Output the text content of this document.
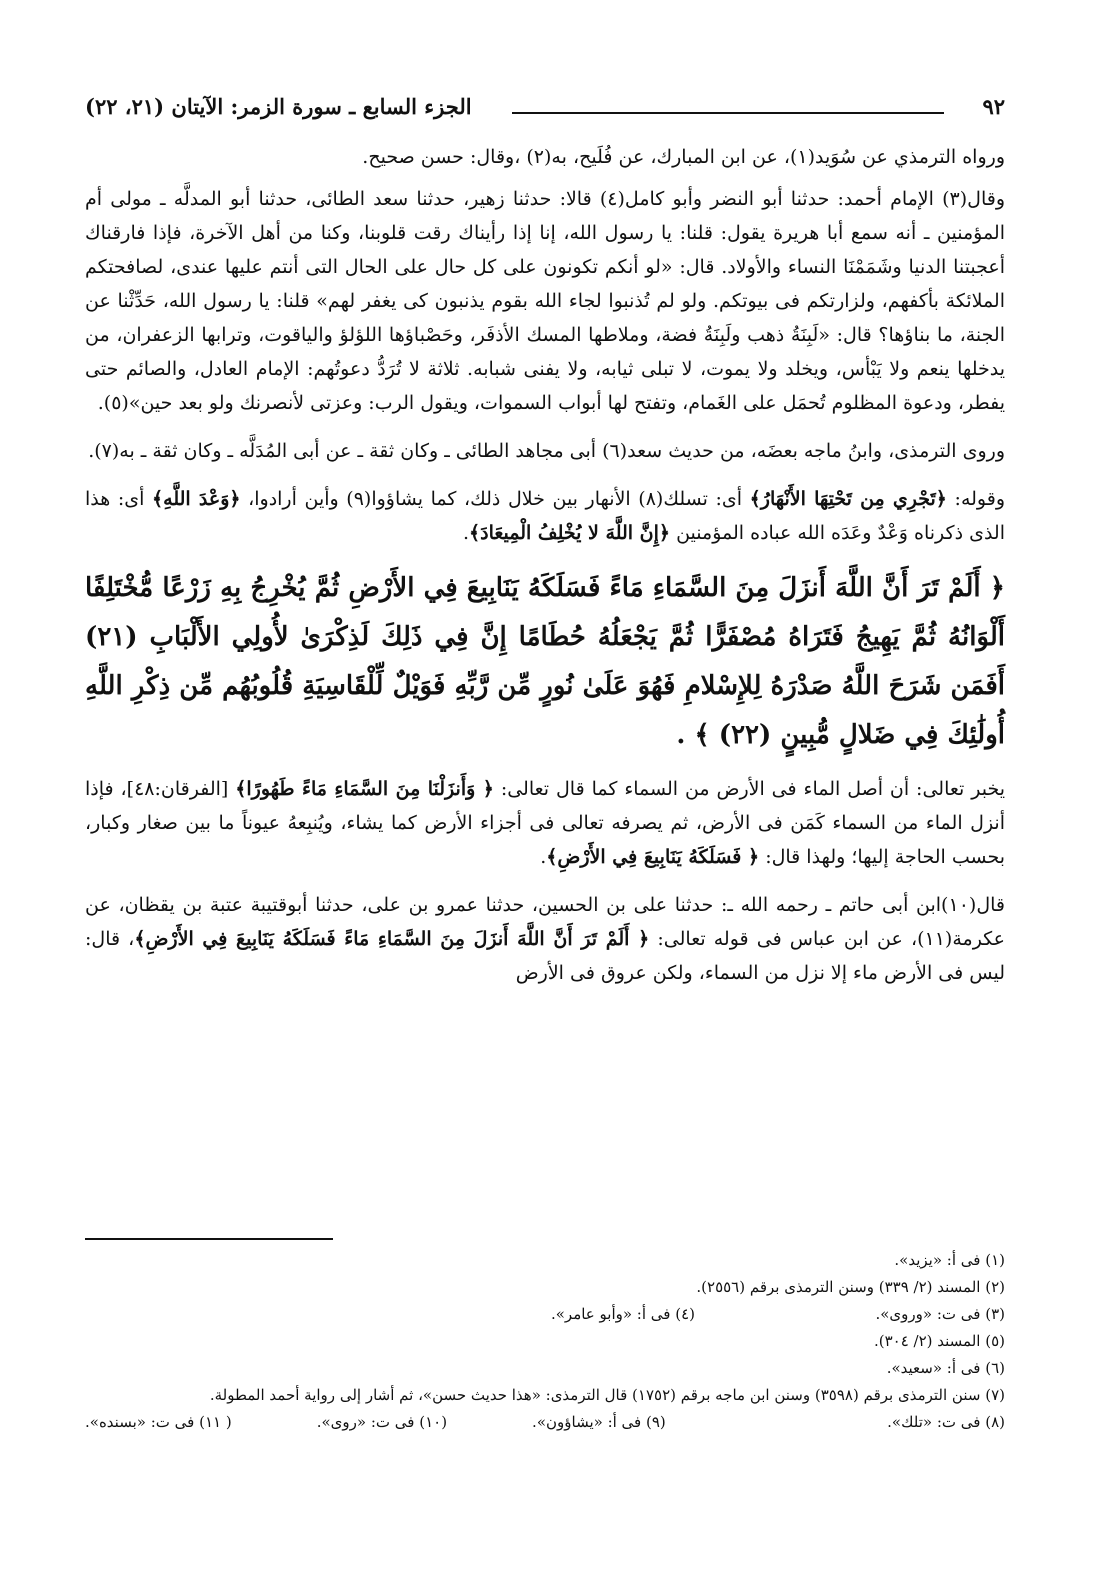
الجزء السابع ـ سورة الزمر: الآيتان (٢١، ٢٢)	٩٢

ورواه الترمذي عن سُوَيد(١)، عن ابن المبارك، عن فُلَيح، به(٢) ،وقال: حسن صحيح.

وقال(٣) الإمام أحمد: حدثنا أبو النضر وأبو كامل(٤) قالا: حدثنا زهير، حدثنا سعد الطائى، حدثنا أبو المدلَّه ـ مولى أم المؤمنين ـ أنه سمع أبا هريرة يقول: قلنا: يا رسول الله، إنا إذا رأيناك رقت قلوبنا، وكنا من أهل الآخرة، فإذا فارقناك أعجبتنا الدنيا وشَمَمْنَا النساء والأولاد. قال: «لو أنكم تكونون على كل حال على الحال التى أنتم عليها عندى، لصافحتكم الملائكة بأكفهم، ولزارتكم فى بيوتكم. ولو لم تُذنبوا لجاء الله بقوم يذنبون كى يغفر لهم» قلنا: يا رسول الله، حَدِّثْنا عن الجنة، ما بناؤها؟ قال: «لَبِنَةُ ذهب ولَبِنَةُ فضة، وملاطها المسك الأذفَر، وحَصْباؤها اللؤلؤ والياقوت، وترابها الزعفران، من يدخلها ينعم ولا يَبْأس، ويخلد ولا يموت، لا تبلى ثيابه، ولا يفنى شبابه. ثلاثة لا تُرَدُّ دعوتُهم: الإمام العادل، والصائم حتى يفطر، ودعوة المظلوم تُحمَل على الغَمام، وتفتح لها أبواب السموات، ويقول الرب: وعزتى لأنصرنك ولو بعد حين»(٥).

وروى الترمذى، وابنُ ماجه بعضَه، من حديث سعد(٦) أبى مجاهد الطائى ـ وكان ثقة ـ عن أبى المُدَلَّه ـ وكان ثقة ـ به(٧).

وقوله: ﴿تَجْرِي مِن تَحْتِهَا الأَنْهَارُ﴾ أى: تسلك(٨) الأنهار بين خلال ذلك، كما يشاؤوا(٩) وأين أرادوا، ﴿وَعْدَ اللَّهِ﴾ أى: هذا الذى ذكرناه وَعْدٌ وعَدَه الله عباده المؤمنين ﴿إِنَّ اللَّهَ لا يُخْلِفُ الْمِيعَادَ﴾.

﴿ أَلَمْ تَرَ أَنَّ اللَّهَ أَنزَلَ مِنَ السَّمَاءِ مَاءً فَسَلَكَهُ يَنَابِيعَ فِي الأَرْضِ ثُمَّ يُخْرِجُ بِهِ زَرْعًا مُّخْتَلِفًا أَلْوَانُهُ ثُمَّ يَهِيجُ فَتَرَاهُ مُصْفَرًّا ثُمَّ يَجْعَلُهُ حُطَامًا إِنَّ فِي ذَلِكَ لَذِكْرَىٰ لأُولِي الأَلْبَابِ (٢١) أَفَمَن شَرَحَ اللَّهُ صَدْرَهُ لِلإِسْلامِ فَهُوَ عَلَىٰ نُورٍ مِّن رَّبِّهِ فَوَيْلٌ لِّلْقَاسِيَةِ قُلُوبُهُم مِّن ذِكْرِ اللَّهِ أُولَٰئِكَ فِي ضَلالٍ مُّبِينٍ (٢٢) ﴾ .

يخبر تعالى: أن أصل الماء فى الأرض من السماء كما قال تعالى: ﴿ وَأَنزَلْنَا مِنَ السَّمَاءِ مَاءً طَهُورًا﴾ [الفرقان:٤٨]، فإذا أنزل الماء من السماء كَمَن فى الأرض، ثم يصرفه تعالى فى أجزاء الأرض كما يشاء، ويُنبِعهُ عيوناً ما بين صغار وكبار، بحسب الحاجة إليها؛ ولهذا قال: ﴿ فَسَلَكَهُ يَنَابِيعَ فِي الأَرْضِ﴾.

قال(١٠)ابن أبى حاتم ـ رحمه الله ـ: حدثنا على بن الحسين، حدثنا عمرو بن على، حدثنا أبوقتيبة عتبة بن يقظان، عن عكرمة(١١)، عن ابن عباس فى قوله تعالى: ﴿ أَلَمْ تَرَ أَنَّ اللَّهَ أَنزَلَ مِنَ السَّمَاءِ مَاءً فَسَلَكَهُ يَنَابِيعَ فِي الأَرْضِ﴾، قال: ليس فى الأرض ماء إلا نزل من السماء، ولكن عروق فى الأرض

(١) فى أ: «يزيد».
(٢) المسند (٢/ ٣٣٩) وسنن الترمذى برقم (٢٥٥٦).
(٣) فى ت: «وروى».
(٤) فى أ: «وأبو عامر».
(٥) المسند (٢/ ٣٠٤).
(٦) فى أ: «سعيد».
(٧) سنن الترمذى برقم (٣٥٩٨) وسنن ابن ماجه برقم (١٧٥٢) قال الترمذى: «هذا حديث حسن»، ثم أشار إلى رواية أحمد المطولة.
(٨) فى ت: «تلك».
(٩) فى أ: «يشاؤون».
(١٠) فى ت: «روى».
( ١١) فى ت: «بسنده».
